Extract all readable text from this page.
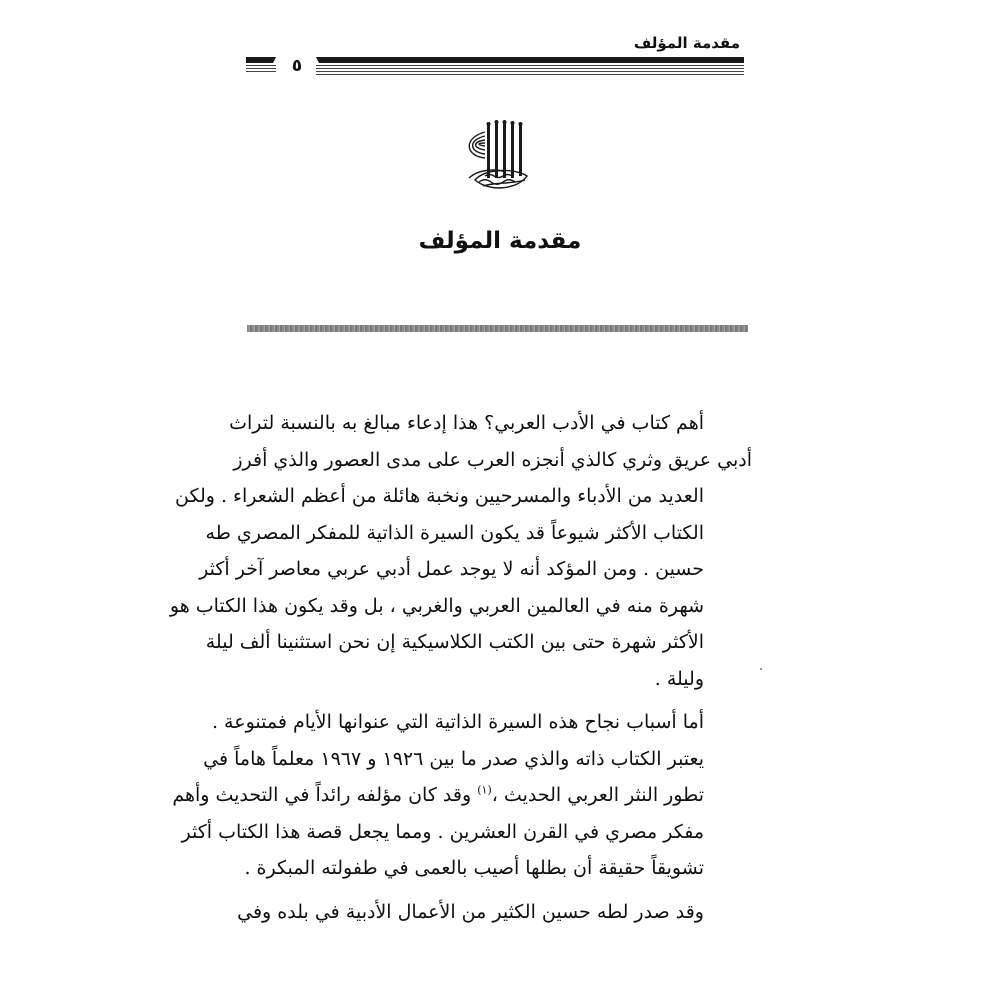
مقدمة المؤلف
٥
مقدمة المؤلف
أهم كتاب في الأدب العربي؟ هذا إدعاء مبالغ به بالنسبة لتراث
أدبي عريق وثري كالذي أنجزه العرب على مدى العصور والذي أفرز
العديد من الأدباء والمسرحيين ونخبة هائلة من أعظم الشعراء . ولكن
الكتاب الأكثر شيوعاً قد يكون السيرة الذاتية للمفكر المصري طه
حسين . ومن المؤكد أنه لا يوجد عمل أدبي عربي معاصر آخر أكثر
شهرة منه في العالمين العربي والغربي ، بل وقد يكون هذا الكتاب هو
الأكثر شهرة حتى بين الكتب الكلاسيكية إن نحن استثنينا ألف ليلة
وليلة .
أما أسباب نجاح هذه السيرة الذاتية التي عنوانها الأيام فمتنوعة .
يعتبر الكتاب ذاته والذي صدر ما بين ١٩٢٦ و ١٩٦٧ معلماً هاماً في
تطور النثر العربي الحديث ،$^{(١)}$ وقد كان مؤلفه رائداً في التحديث وأهم
مفكر مصري في القرن العشرين . ومما يجعل قصة هذا الكتاب أكثر
تشويقاً حقيقة أن بطلها أصيب بالعمى في طفولته المبكرة .
وقد صدر لطه حسين الكثير من الأعمال الأدبية في بلده وفي
